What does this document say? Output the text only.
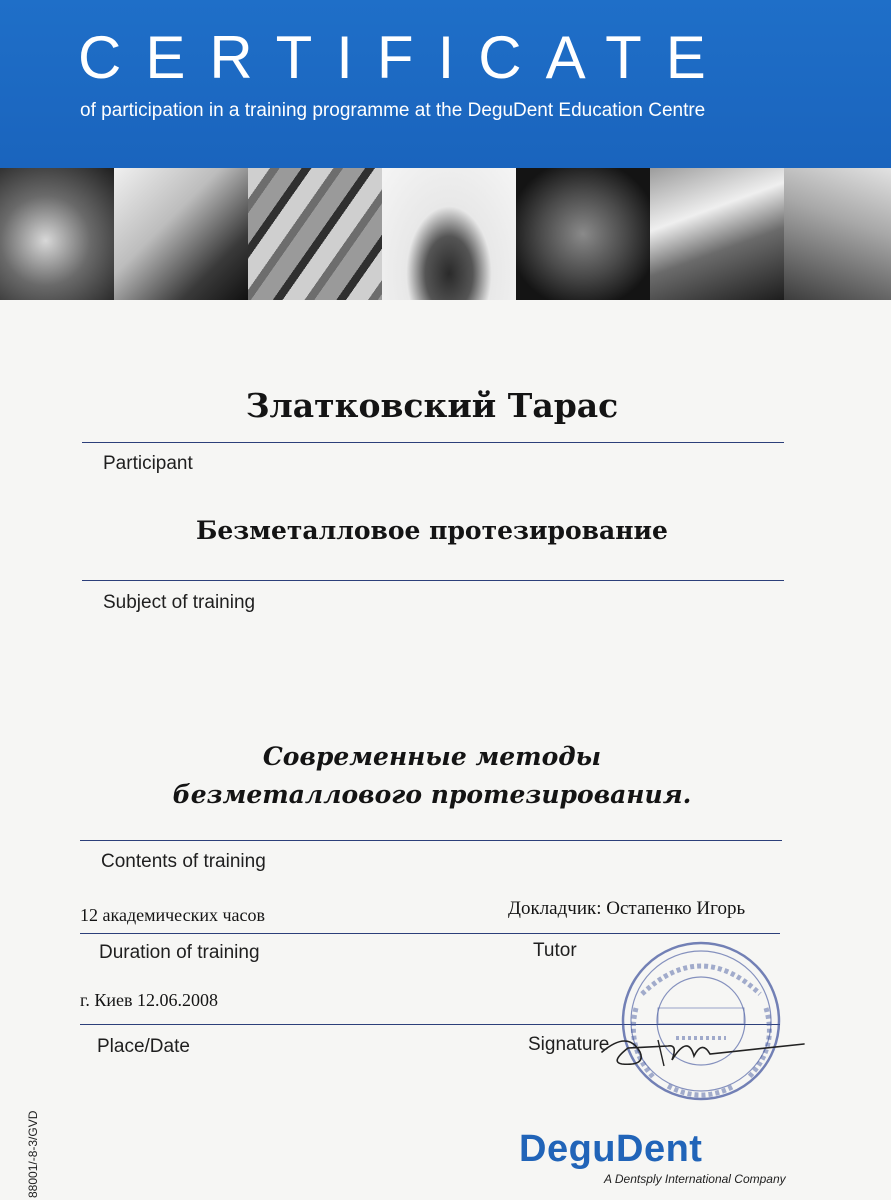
CERTIFICATE
of participation in a training programme at the DeguDent Education Centre
Златковский Тарас
Participant
Безметалловое протезирование
Subject of training
Современные методы
безметаллового протезирования.
Contents of training
12 академических часов
Duration of training
Докладчик: Остапенко Игорь
Tutor
г. Киев 12.06.2008
Place/Date	Signature
88001/-8-3/GVD	DeguDent
A Dentsply International Company
